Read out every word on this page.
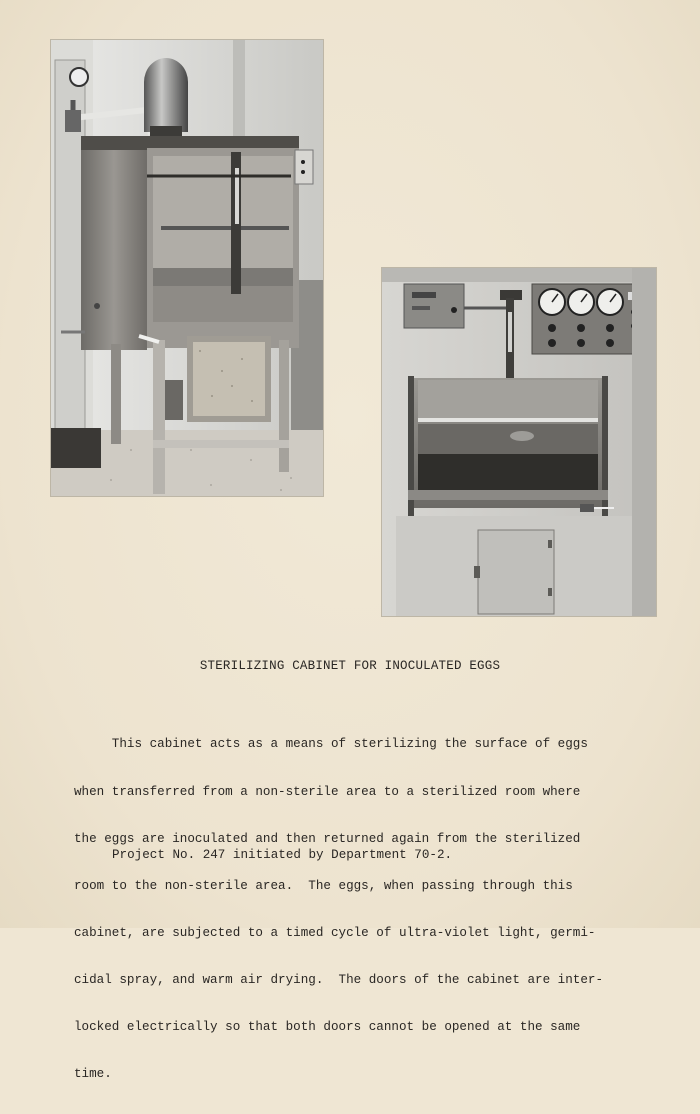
STERILIZING CABINET FOR INOCULATED EGGS

This cabinet acts as a means of sterilizing the surface of eggs

when transferred from a non-sterile area to a sterilized room where

the eggs are inoculated and then returned again from the sterilized

room to the non-sterile area.  The eggs, when passing through this

cabinet, are subjected to a timed cycle of ultra-violet light, germi-

cidal spray, and warm air drying.  The doors of the cabinet are inter-

locked electrically so that both doors cannot be opened at the same

time.

Project No. 247 initiated by Department 70-2.
